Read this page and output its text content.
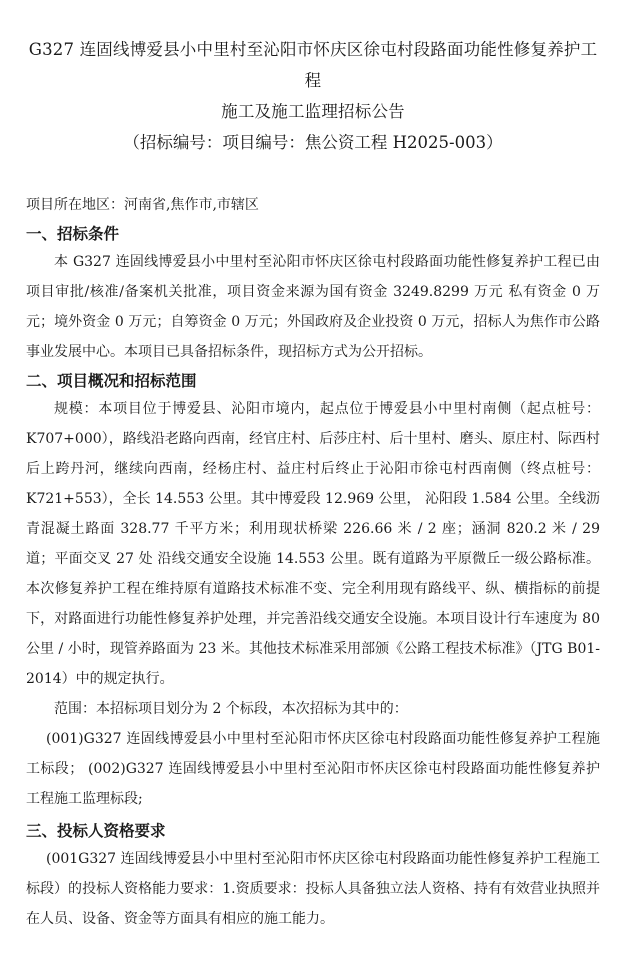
G327 连固线博爱县小中里村至沁阳市怀庆区徐屯村段路面功能性修复养护工程
施工及施工监理招标公告
（招标编号：项目编号：焦公资工程 H2025-003）
项目所在地区：河南省,焦作市,市辖区
一、招标条件

本 G327 连固线博爱县小中里村至沁阳市怀庆区徐屯村段路面功能性修复养护工程已由项目审批/核准/备案机关批准，项目资金来源为国有资金 3249.8299 万元 私有资金 0 万元；境外资金 0 万元；自筹资金 0 万元；外国政府及企业投资 0 万元，招标人为焦作市公路事业发展中心。本项目已具备招标条件，现招标方式为公开招标。

二、项目概况和招标范围

规模：本项目位于博爱县、沁阳市境内，起点位于博爱县小中里村南侧（起点桩号：K707+000），路线沿老路向西南，经官庄村、后莎庄村、后十里村、磨头、原庄村、际西村后上跨丹河，继续向西南，经杨庄村、益庄村后终止于沁阳市徐屯村西南侧（终点桩号：K721+553），全长 14.553 公里。其中博爱段 12.969 公里， 沁阳段 1.584 公里。全线沥青混凝土路面 328.77 千平方米；利用现状桥梁 226.66 米 / 2 座；涵洞 820.2 米 / 29 道；平面交叉 27 处 沿线交通安全设施 14.553 公里。既有道路为平原微丘一级公路标准。本次修复养护工程在维持原有道路技术标准不变、完全利用现有路线平、纵、横指标的前提下，对路面进行功能性修复养护处理，并完善沿线交通安全设施。本项目设计行车速度为 80 公里 / 小时，现管养路面为 23 米。其他技术标准采用部颁《公路工程技术标准》（JTG B01-2014）中的规定执行。

范围：本招标项目划分为 2 个标段，本次招标为其中的：

(001)G327 连固线博爱县小中里村至沁阳市怀庆区徐屯村段路面功能性修复养护工程施工标段； (002)G327 连固线博爱县小中里村至沁阳市怀庆区徐屯村段路面功能性修复养护工程施工监理标段;

三、投标人资格要求

(001G327 连固线博爱县小中里村至沁阳市怀庆区徐屯村段路面功能性修复养护工程施工标段）的投标人资格能力要求：1.资质要求：投标人具备独立法人资格、持有有效营业执照并在人员、设备、资金等方面具有相应的施工能力。
